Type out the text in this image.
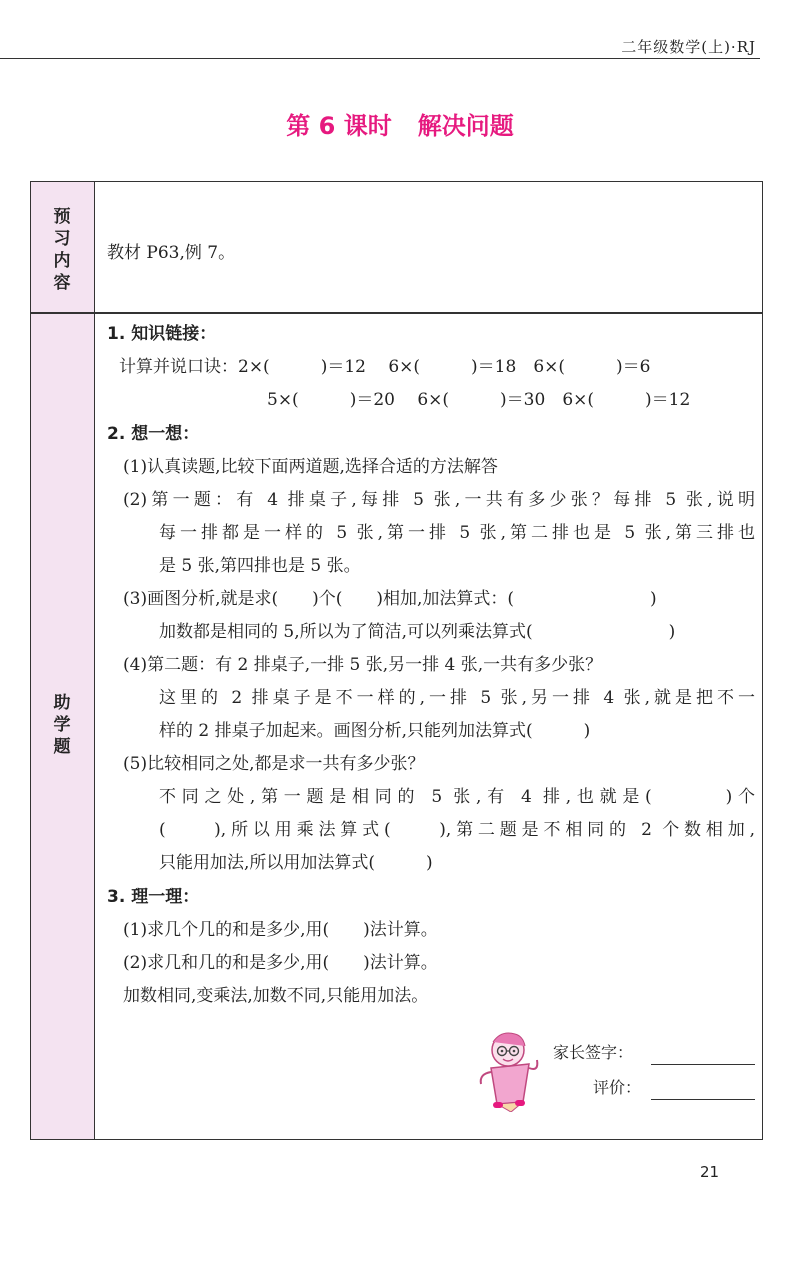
二年级数学(上)·RJ
第 6 课时 解决问题
预
习
内
容
助
学
题
教材 P63,例 7。
1. 知识链接：
计算并说口诀：2×(　　　)＝12　 6×(　　　)＝18　6×(　　　)＝6
5×(　　　)＝20　 6×(　　　)＝30　6×(　　　)＝12
2. 想一想：
(1)认真读题,比较下面两道题,选择合适的方法解答
(2)第一题：有 4 排桌子,每排 5 张,一共有多少张？每排 5 张,说明
每一排都是一样的 5 张,第一排 5 张,第二排也是 5 张,第三排也
是 5 张,第四排也是 5 张。
(3)画图分析,就是求(　　)个(　　)相加,加法算式：(　　　　　　　　)
加数都是相同的 5,所以为了简洁,可以列乘法算式(　　　　　　　　)
(4)第二题：有 2 排桌子,一排 5 张,另一排 4 张,一共有多少张？
这里的 2 排桌子是不一样的,一排 5 张,另一排 4 张,就是把不一
样的 2 排桌子加起来。画图分析,只能列加法算式(　　　)
(5)比较相同之处,都是求一共有多少张？
不同之处,第一题是相同的 5 张,有 4 排,也就是(　　　)个
(　　),所以用乘法算式(　　),第二题是不相同的 2 个数相加,
只能用加法,所以用加法算式(　　　)
3. 理一理：
(1)求几个几的和是多少,用(　　)法计算。
(2)求几和几的和是多少,用(　　)法计算。
加数相同,变乘法,加数不同,只能用加法。
家长签字：
评价：
21
